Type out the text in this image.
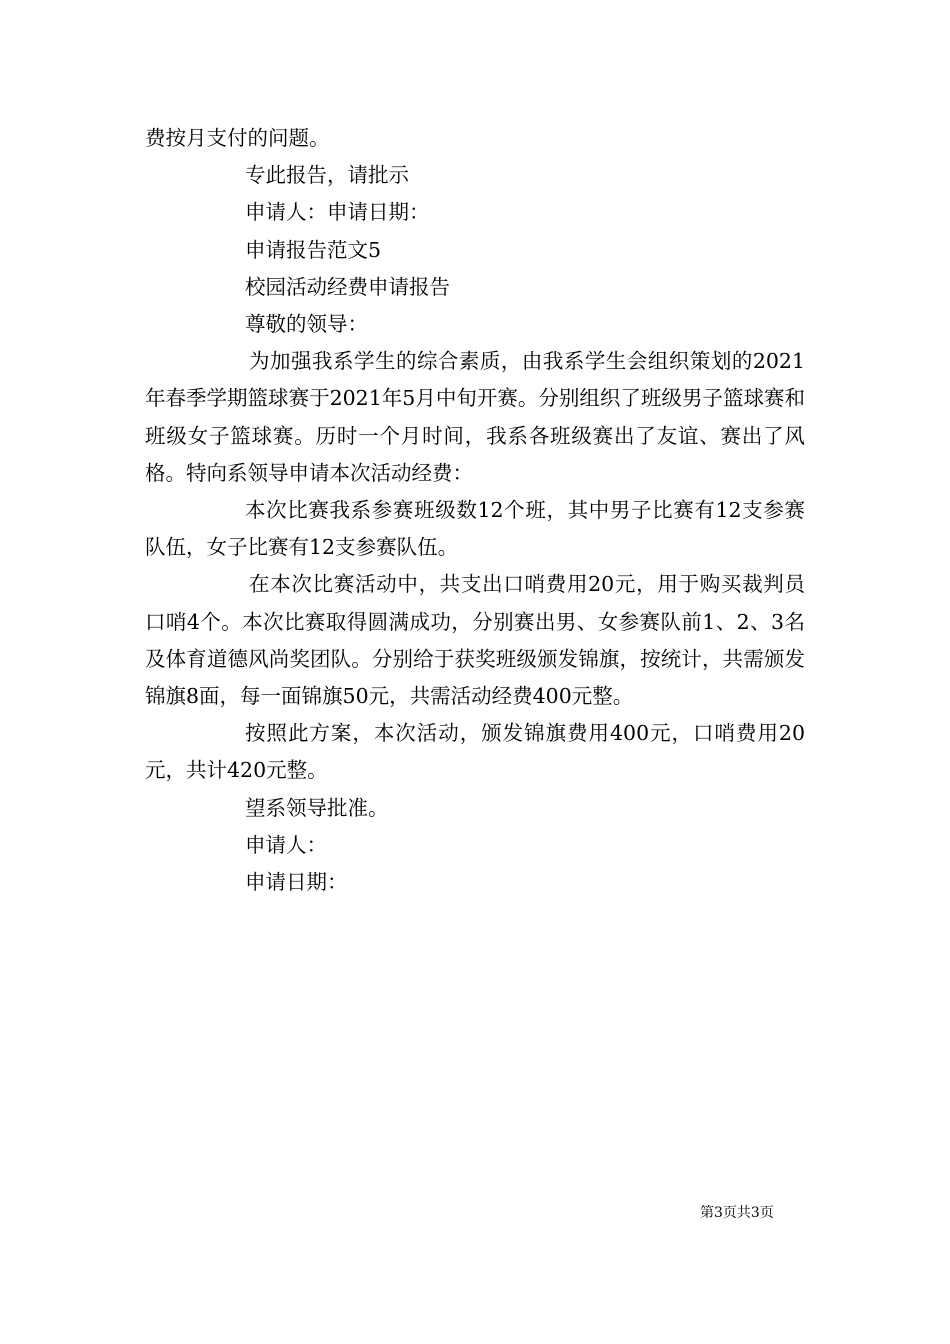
费按月支付的问题。

专此报告，请批示

申请人：申请日期：

申请报告范文5

校园活动经费申请报告

尊敬的领导：

为加强我系学生的综合素质，由我系学生会组织策划的2021年春季学期篮球赛于2021年5月中旬开赛。分别组织了班级男子篮球赛和班级女子篮球赛。历时一个月时间，我系各班级赛出了友谊、赛出了风格。特向系领导申请本次活动经费：

本次比赛我系参赛班级数12个班，其中男子比赛有12支参赛队伍，女子比赛有12支参赛队伍。

在本次比赛活动中，共支出口哨费用20元，用于购买裁判员口哨4个。本次比赛取得圆满成功，分别赛出男、女参赛队前1、2、3名及体育道德风尚奖团队。分别给于获奖班级颁发锦旗，按统计，共需颁发锦旗8面，每一面锦旗50元，共需活动经费400元整。

按照此方案，本次活动，颁发锦旗费用400元，口哨费用20元，共计420元整。

望系领导批准。

申请人：

申请日期：

第3页共3页
